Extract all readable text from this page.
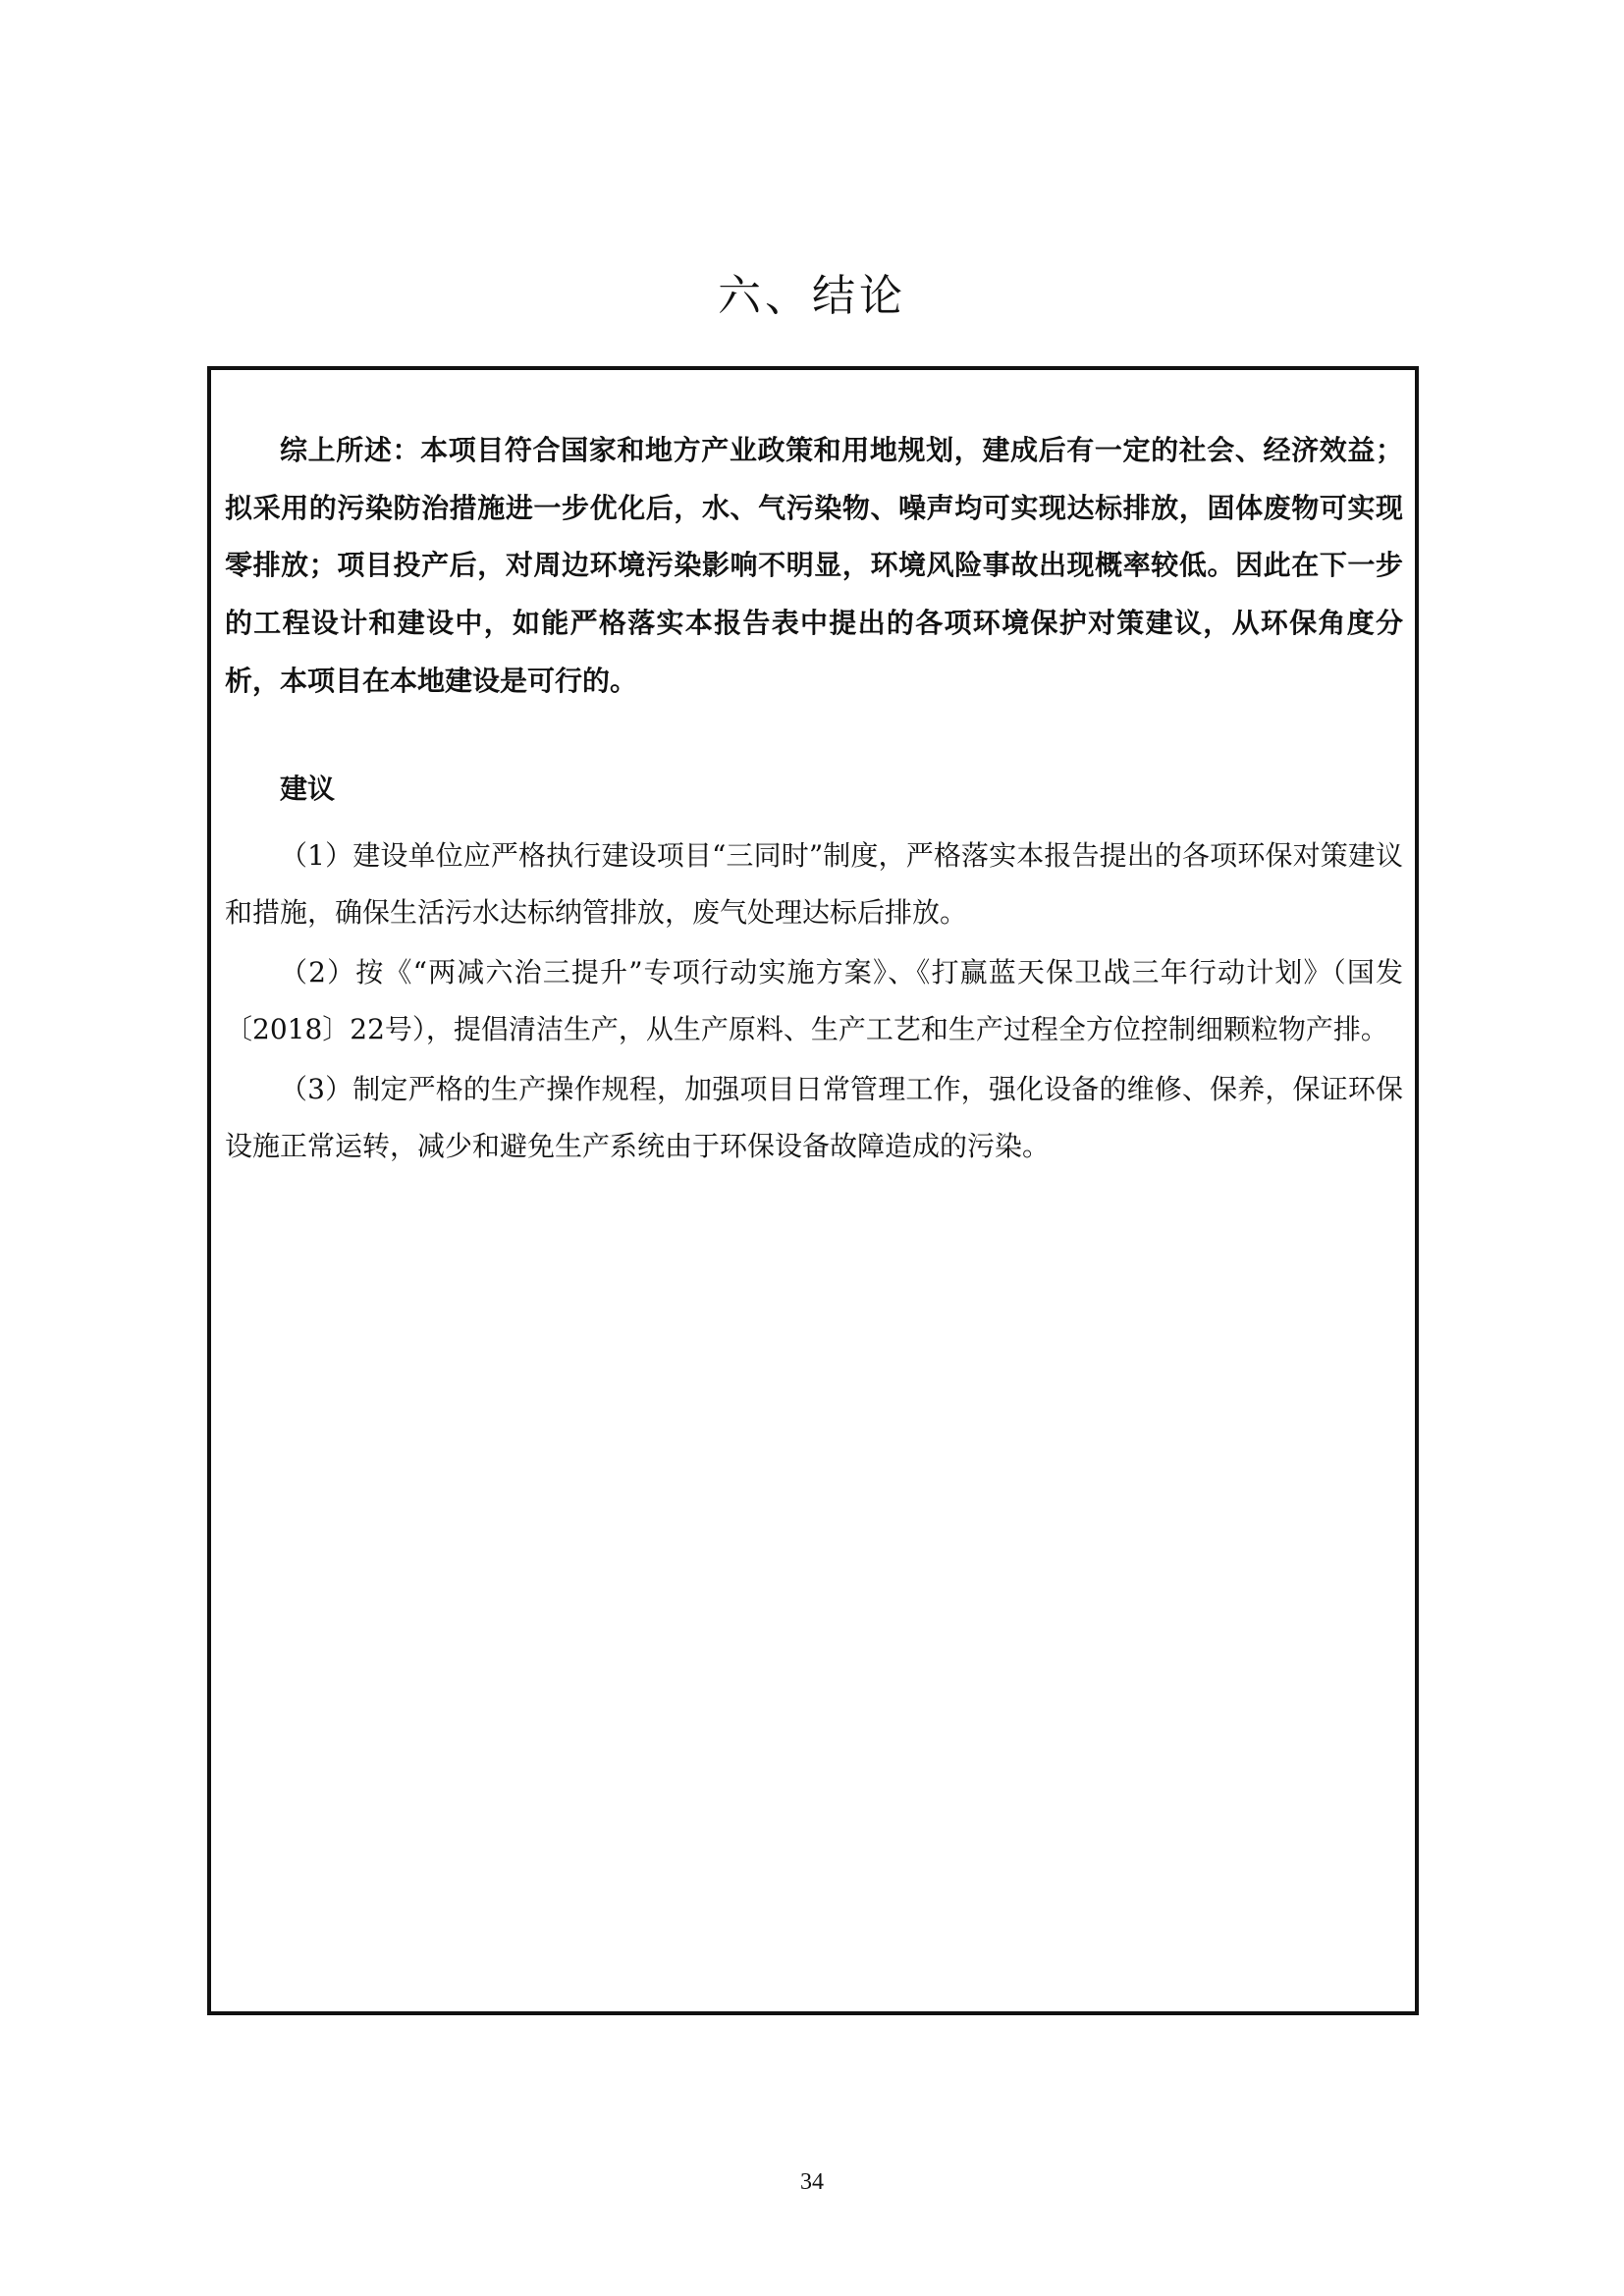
六、结论

综上所述：本项目符合国家和地方产业政策和用地规划，建成后有一定的社会、经济效益；拟采用的污染防治措施进一步优化后，水、气污染物、噪声均可实现达标排放，固体废物可实现零排放；项目投产后，对周边环境污染影响不明显，环境风险事故出现概率较低。因此在下一步的工程设计和建设中，如能严格落实本报告表中提出的各项环境保护对策建议，从环保角度分析，本项目在本地建设是可行的。

建议
（1）建设单位应严格执行建设项目“三同时”制度，严格落实本报告提出的各项环保对策建议和措施，确保生活污水达标纳管排放，废气处理达标后排放。
（2）按《“两减六治三提升”专项行动实施方案》、《打赢蓝天保卫战三年行动计划》（国发〔2018〕22号），提倡清洁生产，从生产原料、生产工艺和生产过程全方位控制细颗粒物产排。
（3）制定严格的生产操作规程，加强项目日常管理工作，强化设备的维修、保养，保证环保设施正常运转，减少和避免生产系统由于环保设备故障造成的污染。

34
